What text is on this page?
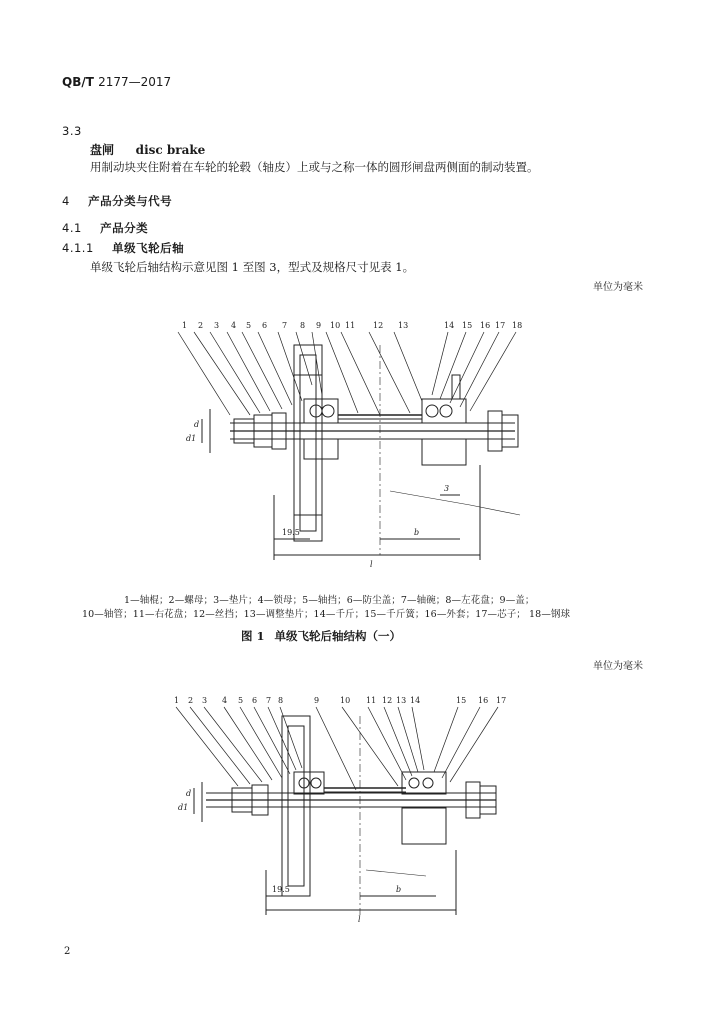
QB/T 2177—2017
3.3
盘闸 disc brake
用制动块夹住附着在车轮的轮毂（轴皮）上或与之称一体的圆形闸盘两侧面的制动装置。
4 产品分类与代号
4.1 产品分类
4.1.1 单级飞轮后轴
单级飞轮后轴结构示意见图 1 至图 3，型式及规格尺寸见表 1。
单位为毫米
1 2 3 4 5 6 7 8 9 10 11 12 13	14 15 16 17 18
d
d1
3
b
l
19.5
1—轴棍；2—螺母；3—垫片；4—锁母；5—轴挡；6—防尘盖；7—轴碗；8—左花盘；9—盖；
10—轴管；11—右花盘；12—丝挡；13—调整垫片；14—千斤；15—千斤簧；16—外套；17—芯子； 18—钢球
图 1 单级飞轮后轴结构（一）
单位为毫米
1 2 3 4 5 6 7 8	9	10 11 12 13 14	15 16 17
d
d1
b
l
19.5
2
